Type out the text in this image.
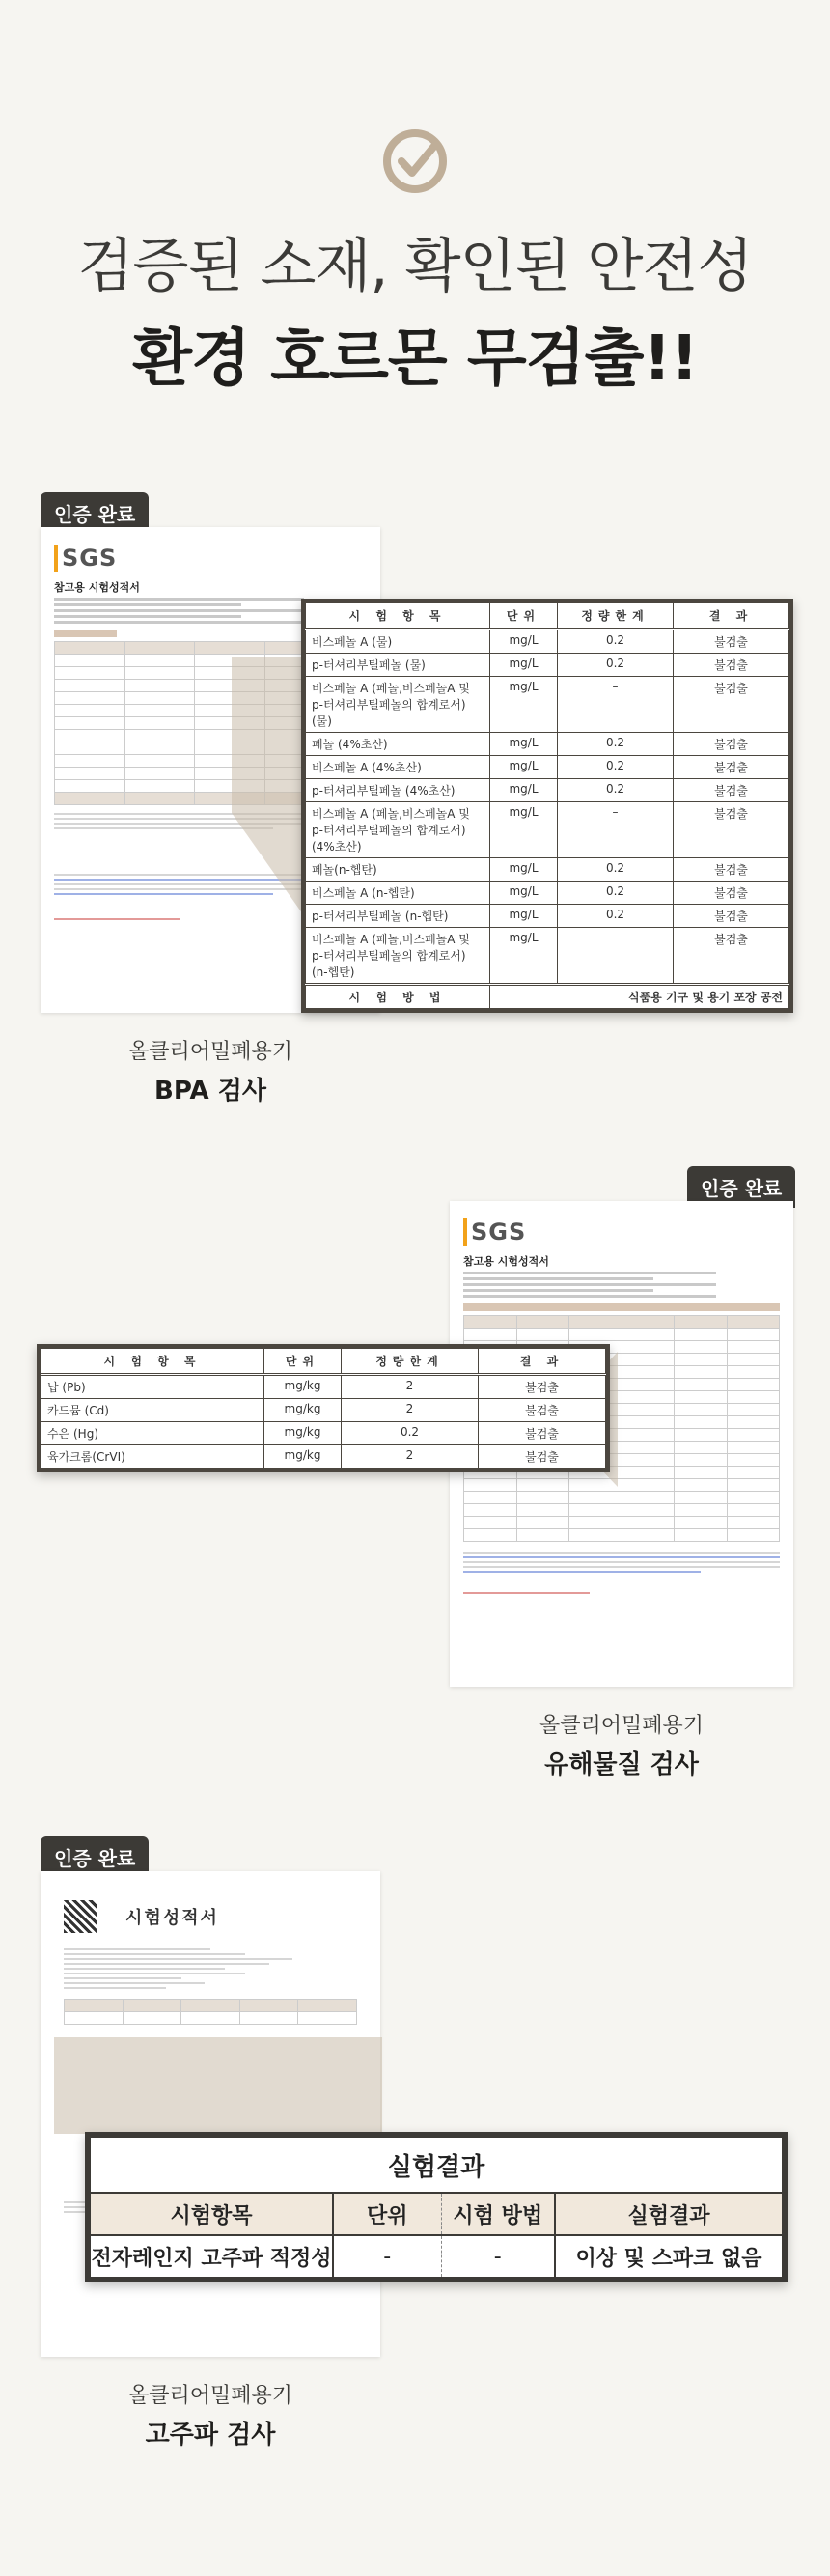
검증된 소재, 확인된 안전성
환경 호르몬 무검출!!
인증 완료
SGS
참고용 시험성적서

시 험 항 목	단위	정량한계	결 과
비스페놀 A (물)	mg/L	0.2	불검출
p-터셔리부틸페놀 (물)	mg/L	0.2	불검출
비스페놀 A (페놀,비스페놀A 및
p-터셔리부틸페놀의 합계로서) (물)	mg/L	–	불검출
페놀 (4%초산)	mg/L	0.2	불검출
비스페놀 A (4%초산)	mg/L	0.2	불검출
p-터셔리부틸페놀 (4%초산)	mg/L	0.2	불검출
비스페놀 A (페놀,비스페놀A 및
p-터셔리부틸페놀의 합계로서) (4%초산)	mg/L	–	불검출
페놀(n-헵탄)	mg/L	0.2	불검출
비스페놀 A (n-헵탄)	mg/L	0.2	불검출
p-터셔리부틸페놀 (n-헵탄)	mg/L	0.2	불검출
비스페놀 A (페놀,비스페놀A 및
p-터셔리부틸페놀의 합계로서) (n-헵탄)	mg/L	–	불검출
시 험 방 법	식품용 기구 및 용기 포장 공전		
올클리어밀폐용기
BPA 검사
인증 완료
SGS
참고용 시험성적서

시 험 항 목	단위	정량한계	결 과
납 (Pb)	mg/kg	2	불검출
카드뮴 (Cd)	mg/kg	2	불검출
수은 (Hg)	mg/kg	0.2	불검출
육가크롬(CrVI)	mg/kg	2	불검출
올클리어밀폐용기
유해물질 검사
인증 완료
시험성적서

실험결과			
시험항목	단위	시험 방법	실험결과
전자레인지 고주파 적정성	-	-	이상 및 스파크 없음
올클리어밀폐용기
고주파 검사
